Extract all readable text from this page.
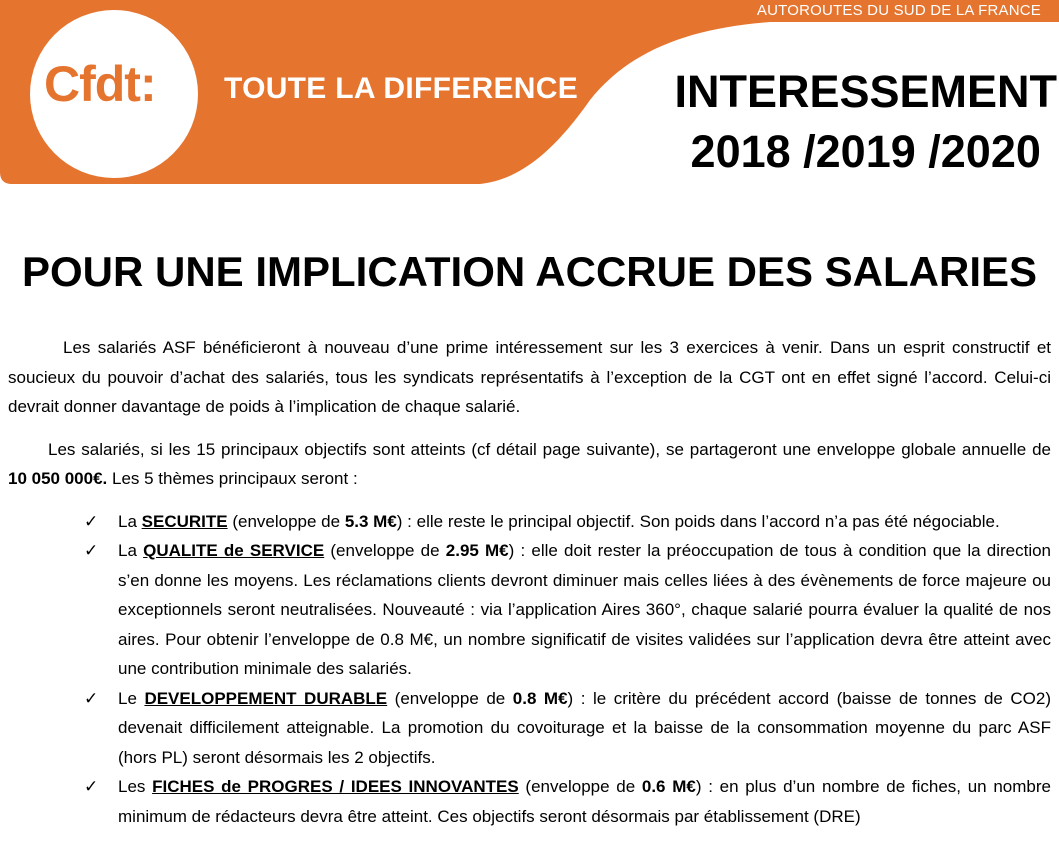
AUTOROUTES DU SUD DE LA FRANCE
Cfdt: TOUTE LA DIFFERENCE INTERESSEMENT
2018 /2019 /2020
POUR UNE IMPLICATION ACCRUE DES SALARIES

Les salariés ASF bénéficieront à nouveau d’une prime intéressement sur les 3 exercices à venir. Dans un esprit constructif et soucieux du pouvoir d’achat des salariés, tous les syndicats représentatifs à l’exception de la CGT ont en effet signé l’accord. Celui-ci devrait donner davantage de poids à l’implication de chaque salarié.

Les salariés, si les 15 principaux objectifs sont atteints (cf détail page suivante), se partageront une enveloppe globale annuelle de 10 050 000€. Les 5 thèmes principaux seront :

✓ La SECURITE (enveloppe de 5.3 M€) : elle reste le principal objectif. Son poids dans l’accord n’a pas été négociable.
✓ La QUALITE de SERVICE (enveloppe de 2.95 M€) : elle doit rester la préoccupation de tous à condition que la direction s’en donne les moyens. Les réclamations clients devront diminuer mais celles liées à des évènements de force majeure ou exceptionnels seront neutralisées. Nouveauté : via l’application Aires 360°, chaque salarié pourra évaluer la qualité de nos aires. Pour obtenir l’enveloppe de 0.8 M€, un nombre significatif de visites validées sur l’application devra être atteint avec une contribution minimale des salariés.
✓ Le DEVELOPPEMENT DURABLE (enveloppe de 0.8 M€) : le critère du précédent accord (baisse de tonnes de CO2) devenait difficilement atteignable. La promotion du covoiturage et la baisse de la consommation moyenne du parc ASF (hors PL) seront désormais les 2 objectifs.
✓ Les FICHES de PROGRES / IDEES INNOVANTES (enveloppe de 0.6 M€) : en plus d’un nombre de fiches, un nombre minimum de rédacteurs devra être atteint. Ces objectifs seront désormais par établissement (DRE)
